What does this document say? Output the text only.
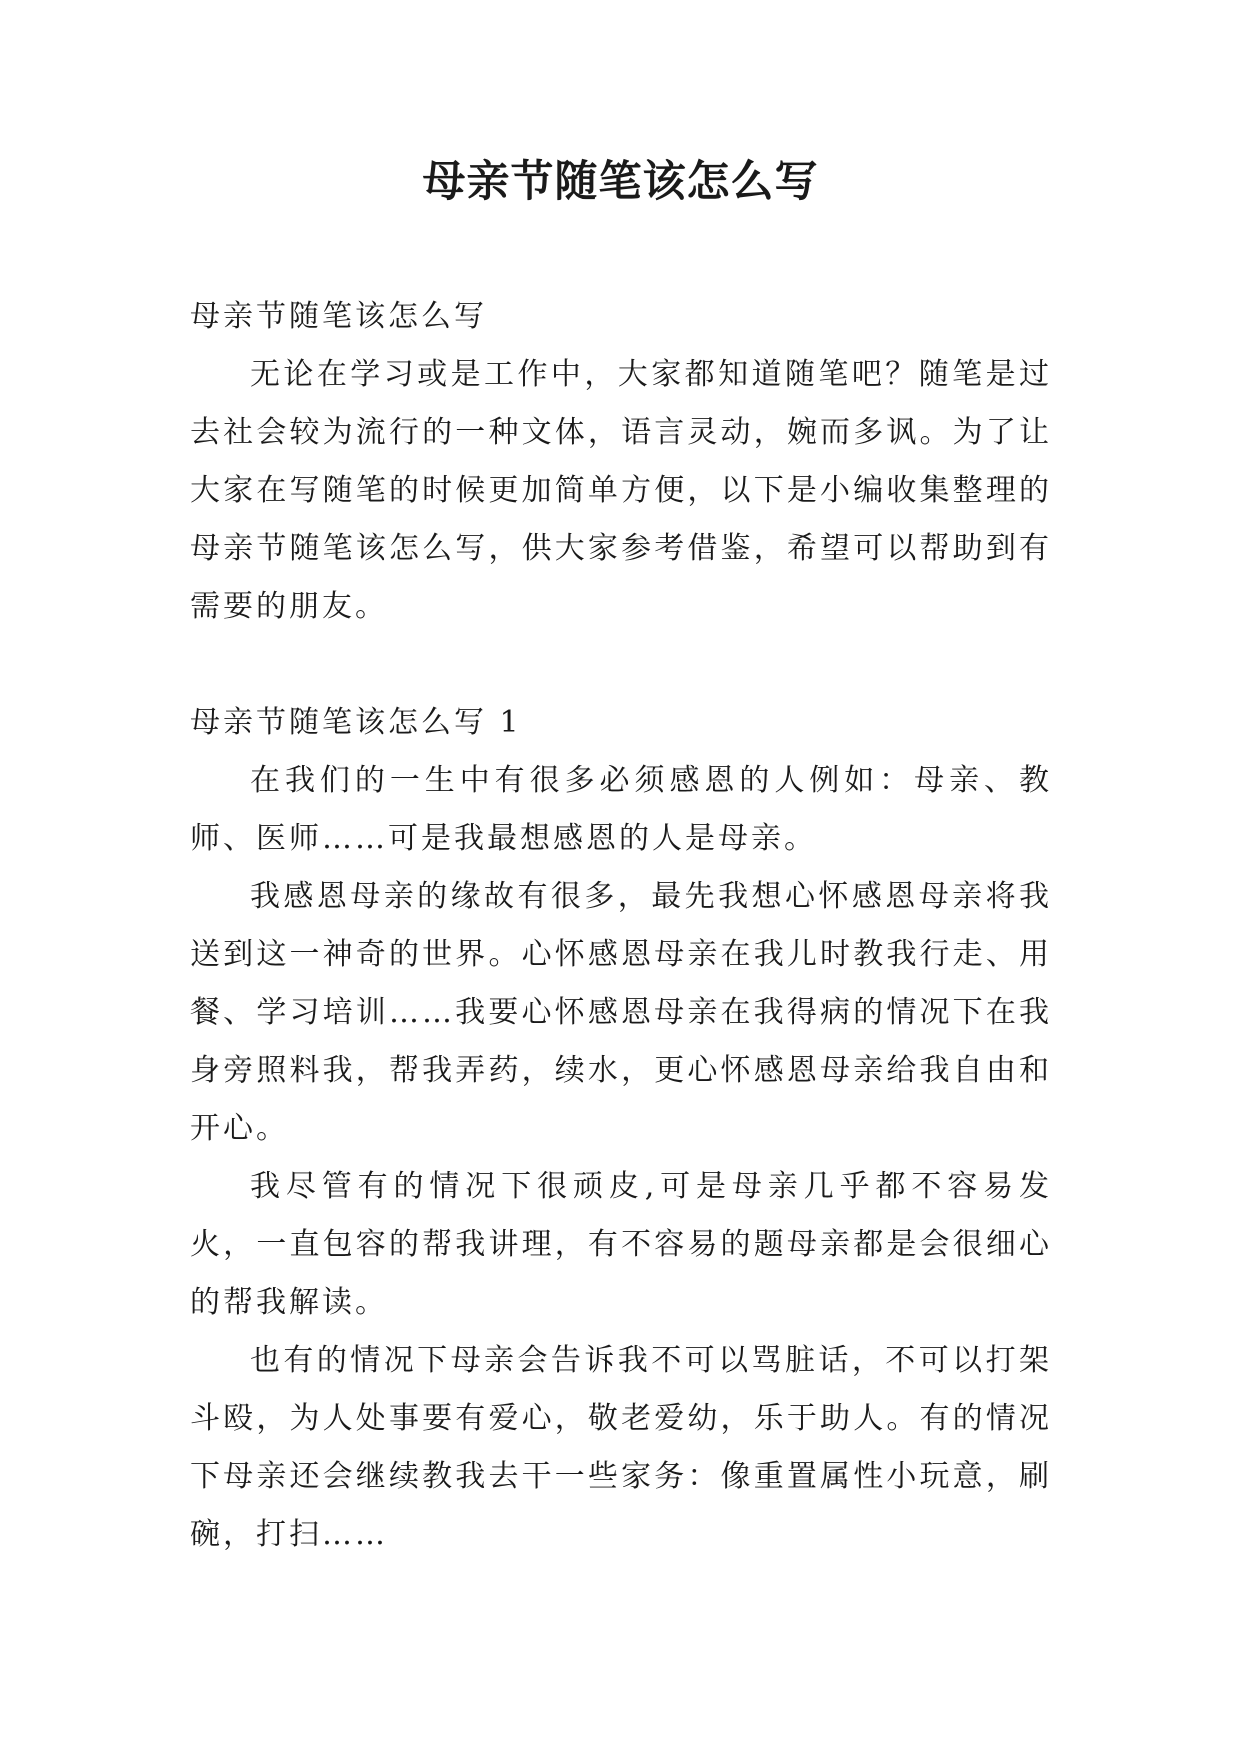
母亲节随笔该怎么写

母亲节随笔该怎么写

无论在学习或是工作中，大家都知道随笔吧？随笔是过去社会较为流行的一种文体，语言灵动，婉而多讽。为了让大家在写随笔的时候更加简单方便，以下是小编收集整理的母亲节随笔该怎么写，供大家参考借鉴，希望可以帮助到有需要的朋友。

母亲节随笔该怎么写 1

在我们的一生中有很多必须感恩的人例如：母亲、教师、医师……可是我最想感恩的人是母亲。

我感恩母亲的缘故有很多，最先我想心怀感恩母亲将我送到这一神奇的世界。心怀感恩母亲在我儿时教我行走、用餐、学习培训……我要心怀感恩母亲在我得病的情况下在我身旁照料我，帮我弄药，续水，更心怀感恩母亲给我自由和开心。

我尽管有的情况下很顽皮,可是母亲几乎都不容易发火，一直包容的帮我讲理，有不容易的题母亲都是会很细心的帮我解读。

也有的情况下母亲会告诉我不可以骂脏话，不可以打架斗殴，为人处事要有爱心，敬老爱幼，乐于助人。有的情况下母亲还会继续教我去干一些家务：像重置属性小玩意，刷碗，打扫……
